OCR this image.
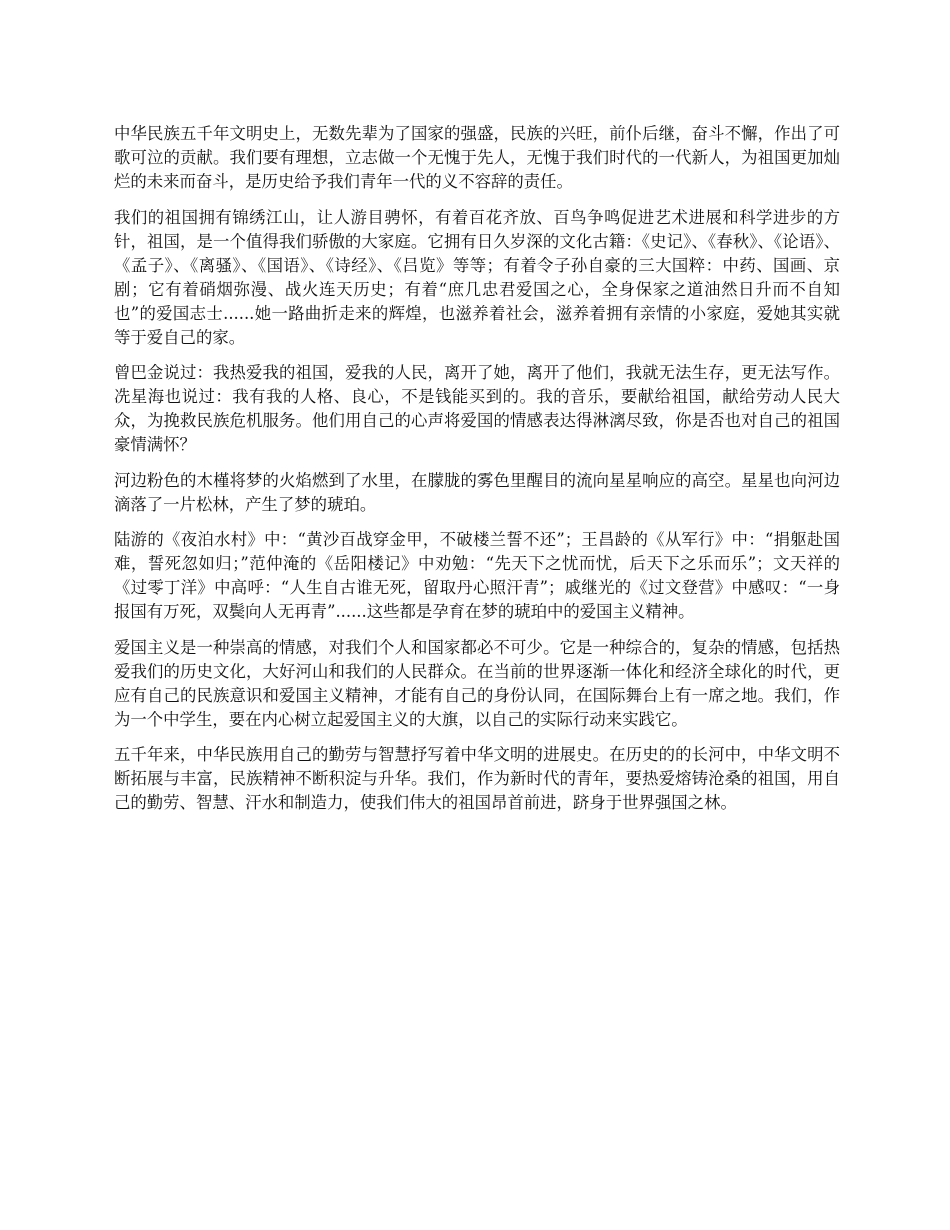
中华民族五千年文明史上，无数先辈为了国家的强盛，民族的兴旺，前仆后继，奋斗不懈，作出了可歌可泣的贡献。我们要有理想，立志做一个无愧于先人，无愧于我们时代的一代新人，为祖国更加灿烂的未来而奋斗，是历史给予我们青年一代的义不容辞的责任。

我们的祖国拥有锦绣江山，让人游目骋怀，有着百花齐放、百鸟争鸣促进艺术进展和科学进步的方针，祖国，是一个值得我们骄傲的大家庭。它拥有日久岁深的文化古籍：《史记》、《春秋》、《论语》、《孟子》、《离骚》、《国语》、《诗经》、《吕览》等等；有着令子孙自豪的三大国粹：中药、国画、京剧；它有着硝烟弥漫、战火连天历史；有着“庶几忠君爱国之心，全身保家之道油然日升而不自知也”的爱国志士......她一路曲折走来的辉煌，也滋养着社会，滋养着拥有亲情的小家庭，爱她其实就等于爱自己的家。

曾巴金说过：我热爱我的祖国，爱我的人民，离开了她，离开了他们，我就无法生存，更无法写作。冼星海也说过：我有我的人格、良心，不是钱能买到的。我的音乐，要献给祖国，献给劳动人民大众，为挽救民族危机服务。他们用自己的心声将爱国的情感表达得淋漓尽致，你是否也对自己的祖国豪情满怀？

河边粉色的木槿将梦的火焰燃到了水里，在朦胧的雾色里醒目的流向星星响应的高空。星星也向河边滴落了一片松林，产生了梦的琥珀。

陆游的《夜泊水村》中：“黄沙百战穿金甲，不破楼兰誓不还”；王昌龄的《从军行》中：“捐躯赴国难，誓死忽如归；”范仲淹的《岳阳楼记》中劝勉：“先天下之忧而忧，后天下之乐而乐”；文天祥的《过零丁洋》中高呼：“人生自古谁无死，留取丹心照汗青”；戚继光的《过文登营》中感叹：“一身报国有万死，双鬓向人无再青”......这些都是孕育在梦的琥珀中的爱国主义精神。

爱国主义是一种崇高的情感，对我们个人和国家都必不可少。它是一种综合的，复杂的情感，包括热爱我们的历史文化，大好河山和我们的人民群众。在当前的世界逐渐一体化和经济全球化的时代，更应有自己的民族意识和爱国主义精神，才能有自己的身份认同，在国际舞台上有一席之地。我们，作为一个中学生，要在内心树立起爱国主义的大旗，以自己的实际行动来实践它。

五千年来，中华民族用自己的勤劳与智慧抒写着中华文明的进展史。在历史的的长河中，中华文明不断拓展与丰富，民族精神不断积淀与升华。我们，作为新时代的青年，要热爱熔铸沧桑的祖国，用自己的勤劳、智慧、汗水和制造力，使我们伟大的祖国昂首前进，跻身于世界强国之林。
